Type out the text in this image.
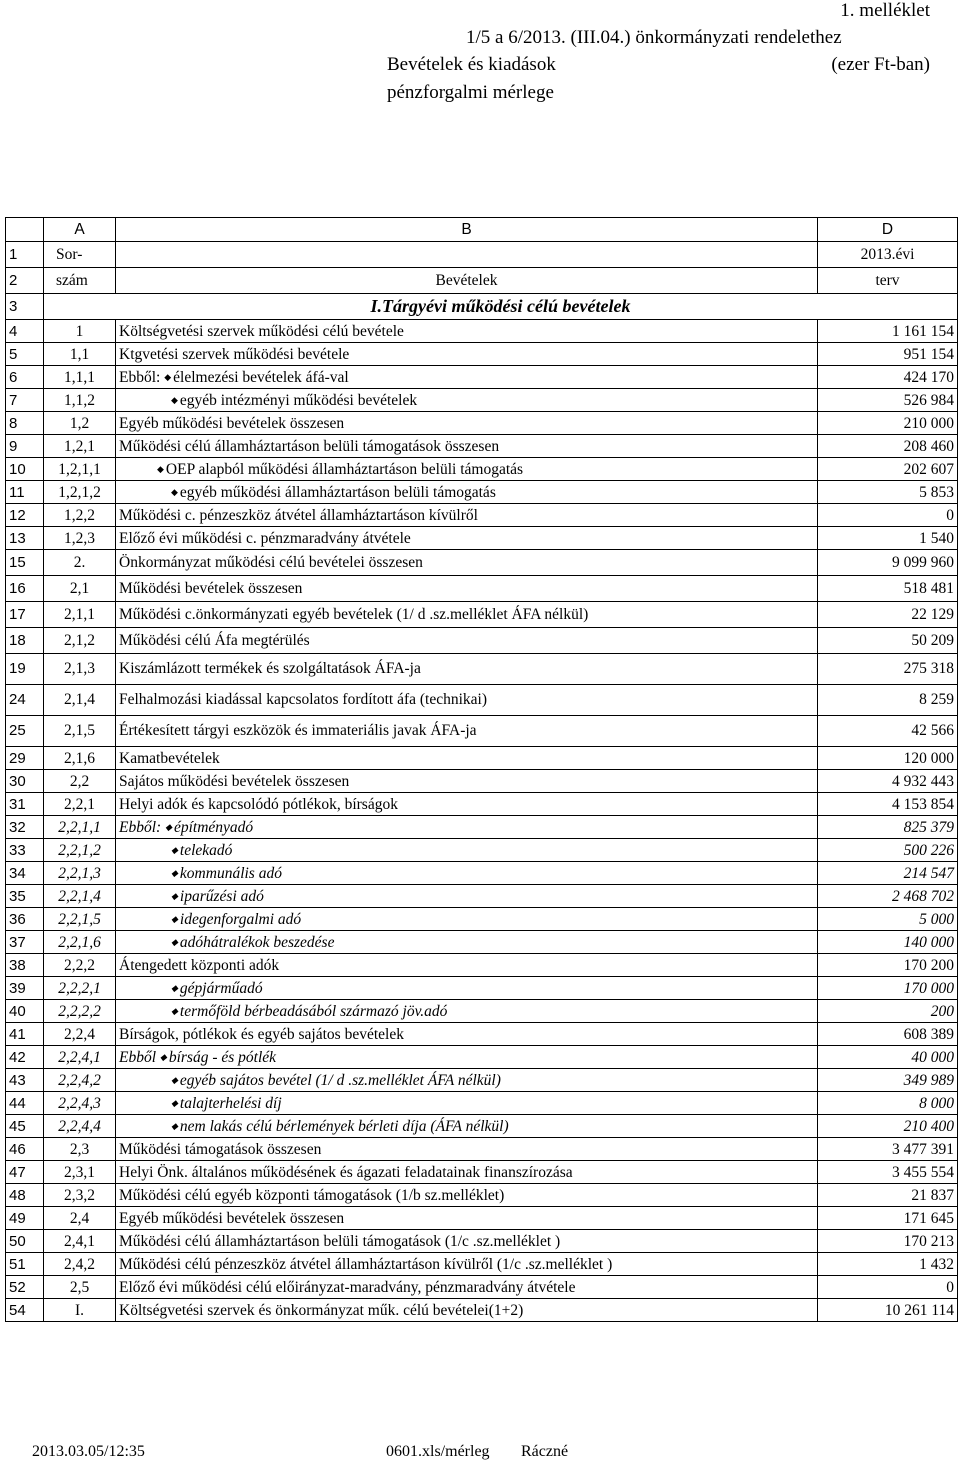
1. melléklet
1/5 a 6/2013. (III.04.) önkormányzati rendelethez
Bevételek és kiadások	(ezer Ft-ban)
pénzforgalmi mérlege
	A	B	D
1	Sor-		2013.évi
2	szám	Bevételek	terv
3	I.Tárgyévi működési célú bevételek		
4	1	Költségvetési szervek működési célú bevétele	1 161 154
5	1,1	Ktgvetési szervek működési bevétele	951 154
6	1,1,1	Ebből: ◆ élelmezési bevételek áfá-val	424 170
7	1,1,2	◆ egyéb intézményi működési bevételek	526 984
8	1,2	Egyéb működési bevételek összesen	210 000
9	1,2,1	Működési célú államháztartáson belüli támogatások összesen	208 460
10	1,2,1,1	◆ OEP alapból működési államháztartáson belüli támogatás	202 607
11	1,2,1,2	◆ egyéb működési államháztartáson belüli támogatás	5 853
12	1,2,2	Működési c. pénzeszköz átvétel államháztartáson kívülről	0
13	1,2,3	Előző évi működési c. pénzmaradvány átvétele	1 540
15	2.	Önkormányzat működési célú bevételei összesen	9 099 960
16	2,1	Működési bevételek összesen	518 481
17	2,1,1	Működési c.önkormányzati egyéb bevételek (1/ d .sz.melléklet ÁFA nélkül)	22 129
18	2,1,2	Működési célú Áfa megtérülés	50 209
19	2,1,3	Kiszámlázott termékek és szolgáltatások ÁFA-ja	275 318
24	2,1,4	Felhalmozási kiadással kapcsolatos fordított áfa (technikai)	8 259
25	2,1,5	Értékesített tárgyi eszközök és immateriális javak ÁFA-ja	42 566
29	2,1,6	Kamatbevételek	120 000
30	2,2	Sajátos működési bevételek összesen	4 932 443
31	2,2,1	Helyi adók és kapcsolódó pótlékok, bírságok	4 153 854
32	2,2,1,1	Ebből: ◆ építményadó	825 379
33	2,2,1,2	◆ telekadó	500 226
34	2,2,1,3	◆ kommunális adó	214 547
35	2,2,1,4	◆ iparűzési adó	2 468 702
36	2,2,1,5	◆ idegenforgalmi adó	5 000
37	2,2,1,6	◆ adóhátralékok beszedése	140 000
38	2,2,2	Átengedett központi adók	170 200
39	2,2,2,1	◆ gépjárműadó	170 000
40	2,2,2,2	◆ termőföld bérbeadásából származó jöv.adó	200
41	2,2,4	Bírságok, pótlékok és egyéb sajátos bevételek	608 389
42	2,2,4,1	Ebből ◆ bírság - és pótlék	40 000
43	2,2,4,2	◆ egyéb sajátos bevétel (1/ d .sz.melléklet ÁFA nélkül)	349 989
44	2,2,4,3	◆ talajterhelési díj	8 000
45	2,2,4,4	◆ nem lakás célú bérlemények bérleti díja (ÁFA nélkül)	210 400
46	2,3	Működési támogatások összesen	3 477 391
47	2,3,1	Helyi Önk. általános működésének és ágazati feladatainak finanszírozása	3 455 554
48	2,3,2	Működési célú egyéb központi támogatások (1/b sz.melléklet)	21 837
49	2,4	Egyéb működési bevételek összesen	171 645
50	2,4,1	Működési célú államháztartáson belüli támogatások (1/c .sz.melléklet )	170 213
51	2,4,2	Működési célú pénzeszköz átvétel államháztartáson kívülről (1/c .sz.melléklet )	1 432
52	2,5	Előző évi működési célú előirányzat-maradvány, pénzmaradvány átvétele	0
54	I.	Költségvetési szervek és önkormányzat műk. célú bevételei(1+2)	10 261 114
2013.03.05/12:35	0601.xls/mérleg Ráczné
